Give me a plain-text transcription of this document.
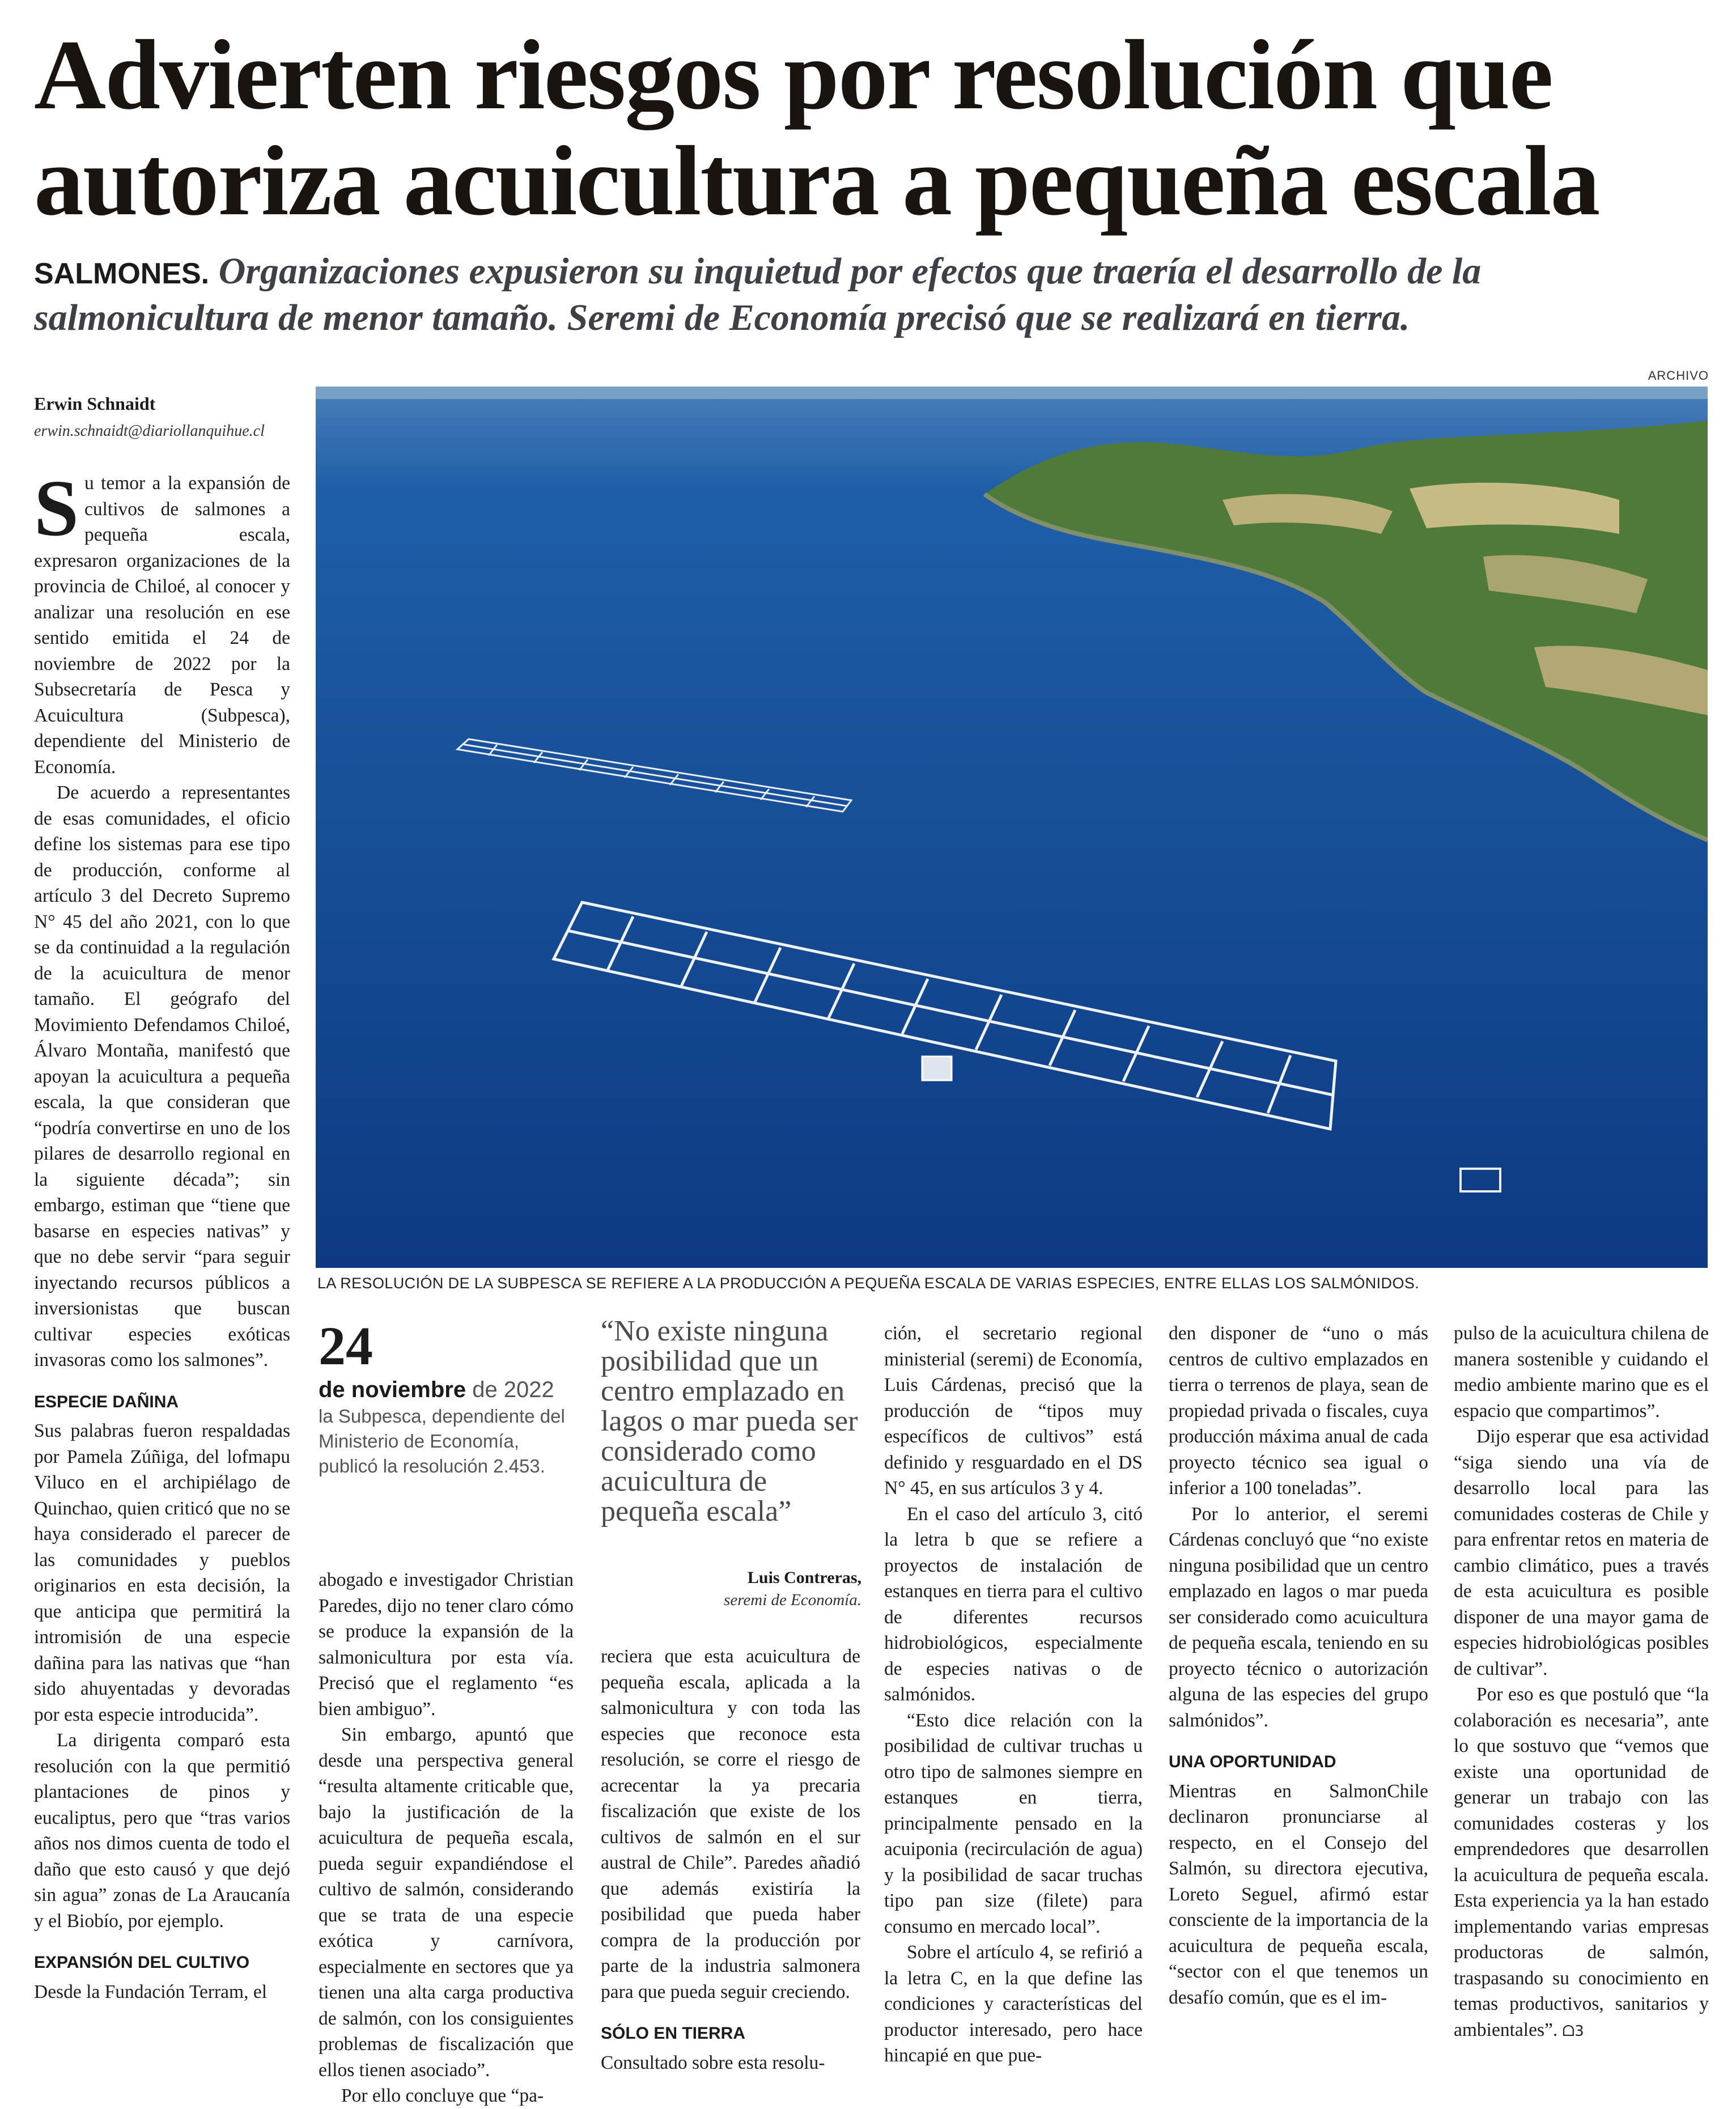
Advierten riesgos por resolución que
autoriza acuicultura a pequeña escala
SALMONES. Organizaciones expusieron su inquietud por efectos que traería el desarrollo de la salmonicultura de menor tamaño. Seremi de Economía precisó que se realizará en tierra.
ARCHIVO
LA RESOLUCIÓN DE LA SUBPESCA SE REFIERE A LA PRODUCCIÓN A PEQUEÑA ESCALA DE VARIAS ESPECIES, ENTRE ELLAS LOS SALMÓNIDOS.
Erwin Schnaidt
erwin.schnaidt@diariollanquihue.cl

Su temor a la expansión de cultivos de salmones a pequeña escala, expresaron organizaciones de la provincia de Chiloé, al conocer y analizar una resolución en ese sentido emitida el 24 de noviembre de 2022 por la Subsecretaría de Pesca y Acuicultura (Subpesca), dependiente del Ministerio de Economía.

De acuerdo a representantes de esas comunidades, el oficio define los sistemas para ese tipo de producción, conforme al artículo 3 del Decreto Supremo N° 45 del año 2021, con lo que se da continuidad a la regulación de la acuicultura de menor tamaño. El geógrafo del Movimiento Defendamos Chiloé, Álvaro Montaña, manifestó que apoyan la acuicultura a pequeña escala, la que consideran que “podría convertirse en uno de los pilares de desarrollo regional en la siguiente década”; sin embargo, estiman que “tiene que basarse en especies nativas” y que no debe servir “para seguir inyectando recursos públicos a inversionistas que buscan cultivar especies exóticas invasoras como los salmones”.

ESPECIE DAÑINA

Sus palabras fueron respaldadas por Pamela Zúñiga, del lofmapu Viluco en el archipiélago de Quinchao, quien criticó que no se haya considerado el parecer de las comunidades y pueblos originarios en esta decisión, la que anticipa que permitirá la intromisión de una especie dañina para las nativas que “han sido ahuyentadas y devoradas por esta especie introducida”.

La dirigenta comparó esta resolución con la que permitió plantaciones de pinos y eucaliptus, pero que “tras varios años nos dimos cuenta de todo el daño que esto causó y que dejó sin agua” zonas de La Araucanía y el Biobío, por ejemplo.

EXPANSIÓN DEL CULTIVO

Desde la Fundación Terram, el

24
de noviembre de 2022
la Subpesca, dependiente del Ministerio de Economía, publicó la resolución 2.453.
“No existe ninguna posibilidad que un centro emplazado en lagos o mar pueda ser considerado como acuicultura de pequeña escala”
Luis Contreras,
seremi de Economía.

abogado e investigador Christian Paredes, dijo no tener claro cómo se produce la expansión de la salmonicultura por esta vía. Precisó que el reglamento “es bien ambiguo”.

Sin embargo, apuntó que desde una perspectiva general “resulta altamente criticable que, bajo la justificación de la acuicultura de pequeña escala, pueda seguir expandiéndose el cultivo de salmón, considerando que se trata de una especie exótica y carnívora, especialmente en sectores que ya tienen una alta carga productiva de salmón, con los consiguientes problemas de fiscalización que ellos tienen asociado”.

Por ello concluye que “pa-

reciera que esta acuicultura de pequeña escala, aplicada a la salmonicultura y con toda las especies que reconoce esta resolución, se corre el riesgo de acrecentar la ya precaria fiscalización que existe de los cultivos de salmón en el sur austral de Chile”. Paredes añadió que además existiría la posibilidad que pueda haber compra de la producción por parte de la industria salmonera para que pueda seguir creciendo.

SÓLO EN TIERRA

Consultado sobre esta resolu-

ción, el secretario regional ministerial (seremi) de Economía, Luis Cárdenas, precisó que la producción de “tipos muy específicos de cultivos” está definido y resguardado en el DS N° 45, en sus artículos 3 y 4.

En el caso del artículo 3, citó la letra b que se refiere a proyectos de instalación de estanques en tierra para el cultivo de diferentes recursos hidrobiológicos, especialmente de especies nativas o de salmónidos.

“Esto dice relación con la posibilidad de cultivar truchas u otro tipo de salmones siempre en estanques en tierra, principalmente pensado en la acuiponia (recirculación de agua) y la posibilidad de sacar truchas tipo pan size (filete) para consumo en mercado local”.

Sobre el artículo 4, se refirió a la letra C, en la que define las condiciones y características del productor interesado, pero hace hincapié en que pue-

den disponer de “uno o más centros de cultivo emplazados en tierra o terrenos de playa, sean de propiedad privada o fiscales, cuya producción máxima anual de cada proyecto técnico sea igual o inferior a 100 toneladas”.

Por lo anterior, el seremi Cárdenas concluyó que “no existe ninguna posibilidad que un centro emplazado en lagos o mar pueda ser considerado como acuicultura de pequeña escala, teniendo en su proyecto técnico o autorización alguna de las especies del grupo salmónidos”.

UNA OPORTUNIDAD

Mientras en SalmonChile declinaron pronunciarse al respecto, en el Consejo del Salmón, su directora ejecutiva, Loreto Seguel, afirmó estar consciente de la importancia de la acuicultura de pequeña escala, “sector con el que tenemos un desafío común, que es el im-

pulso de la acuicultura chilena de manera sostenible y cuidando el medio ambiente marino que es el espacio que compartimos”.

Dijo esperar que esa actividad “siga siendo una vía de desarrollo local para las comunidades costeras de Chile y para enfrentar retos en materia de cambio climático, pues a través de esta acuicultura es posible disponer de una mayor gama de especies hidrobiológicas posibles de cultivar”.

Por eso es que postuló que “la colaboración es necesaria”, ante lo que sostuvo que “vemos que existe una oportunidad de generar un trabajo con las comunidades costeras y los emprendedores que desarrollen la acuicultura de pequeña escala. Esta experiencia ya la han estado implementando varias empresas productoras de salmón, traspasando su conocimiento en temas productivos, sanitarios y ambientales”. ᗝ3
